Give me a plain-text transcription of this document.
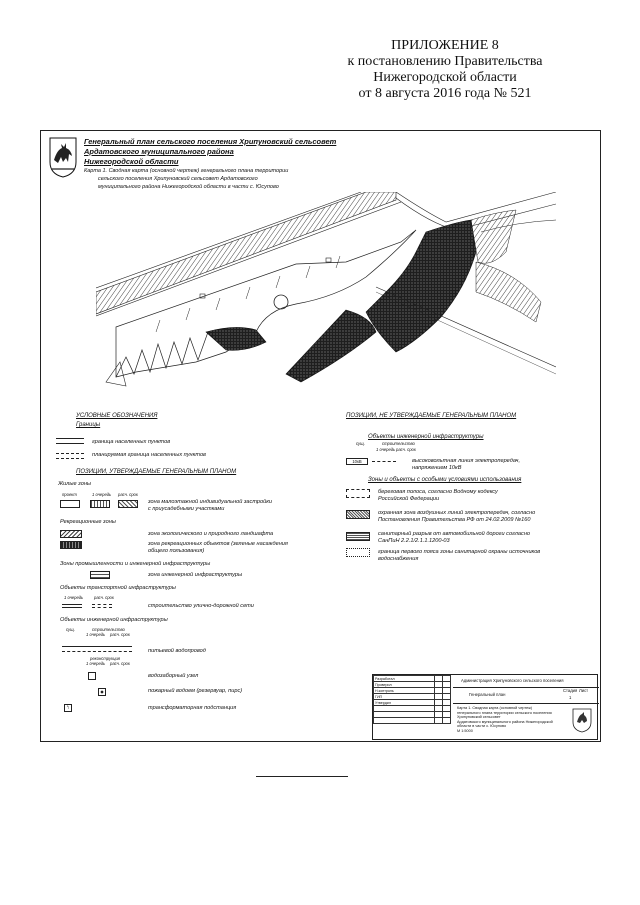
ПРИЛОЖЕНИЕ 8
к постановлению Правительства
Нижегородской области
от 8 августа 2016 года № 521
Генеральный план сельского поселения Хрипуновский сельсовет
Ардатовского муниципального района
Нижегородской области
Карта 1. Сводная карта (основной чертеж) генерального плана территории
сельского поселения Хрипуновский сельсовет Ардатовского
муниципального района Нижегородской области в части с. Юсупово
УСЛОВНЫЕ ОБОЗНАЧЕНИЯ
Границы
граница населенных пунктов
планируемая граница населенных пунктов
ПОЗИЦИИ, УТВЕРЖДАЕМЫЕ ГЕНЕРАЛЬНЫМ ПЛАНОМ
Жилые зоны
проект	1 очередь расч. срок
зона малоэтажной индивидуальной застройки
с приусадебными участками
Рекреационные зоны
зона экологического и природного ландшафта
зона рекреационных объектов (зеленые насаждения
общего пользования)
Зоны промышленности и инженерной инфраструктуры
зона инженерной инфраструктуры
Объекты транспортной инфраструктуры
1 очередь	расч. срок
строительство улично-дорожной сети
Объекты инженерной инфраструктуры
сущ.	строительство
1 очередь расч. срок
реконструкция
1 очередь расч. срок
питьевой водопровод
водозаборный узел
пожарный водоем (резервуар, пирс)
ϟ	трансформаторная подстанция
ПОЗИЦИИ, НЕ УТВЕРЖДАЕМЫЕ ГЕНЕРАЛЬНЫМ ПЛАНОМ
Объекты инженерной инфраструктуры
сущ.	строительство
1 очередь расч. срок
10кВ	высоковольтная линия электропередач,
напряжением 10кВ
Зоны и объекты с особыми условиями использования
береговая полоса, согласно Водному кодексу
Российской Федерации
охранная зона воздушных линий электропередач, согласно
Постановления Правительства РФ от 24.02.2009 №160
санитарный разрыв от автомобильной дороги согласно
СанПиН 2.2.1/2.1.1.1200-03
граница первого пояса зоны санитарной охраны источников
водоснабжения
Разработал		
Проверил		
Н.контроль		
ГИП		
Утвердил		

Администрация Хрипуновского сельского поселения
Генеральный план
Стадия Лист
1
Карта 1. Сводная карта (основной чертеж)
генерального плана территории сельского поселения
Хрипуновский сельсовет
Ардатовского муниципального района Нижегородской
области в части с. Юсупово
М 1:5000
